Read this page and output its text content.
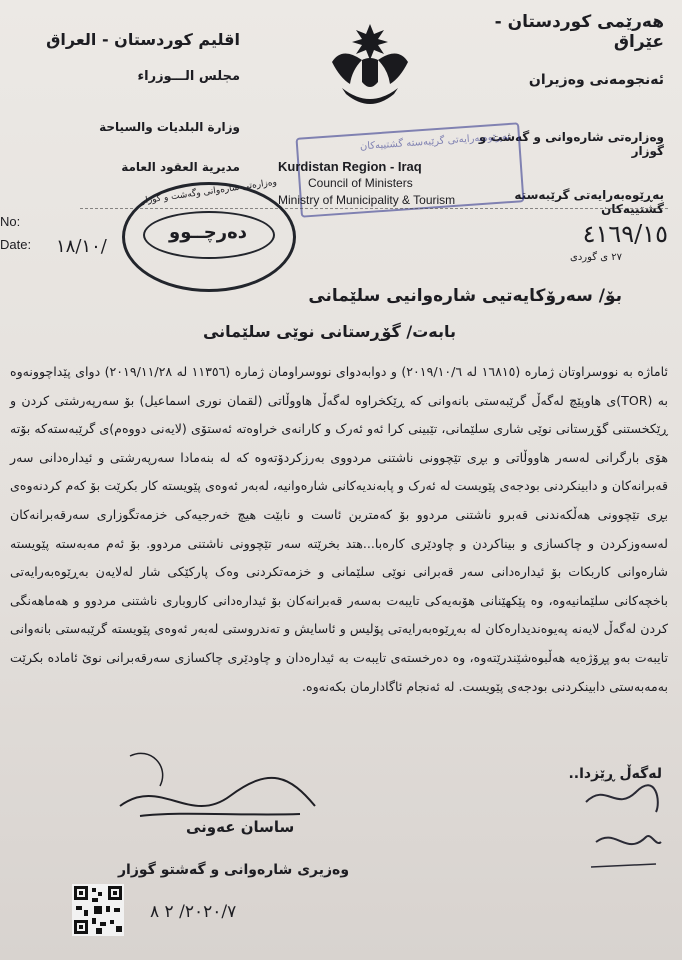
هەرێمی کوردستان - عێراق
ئەنجومەنی وەزیران
وەزارەتی شارەوانی و گەشت و گوزار
بەڕێوەبەرایەتی گرێبەستە گشتییەکان
اقليم كوردستان - العراق
مجلس الـــوزراء
وزارة البلديات والسياحة
مديرية العقود العامة
بەڕێوەبەرایەتی گرێبەستە گشتییەکان
Kurdistan Region - Iraq
Council of Ministers
Ministry of Municipality & Tourism
وەزارەتی شارەوانی وگەشت و گوزار
دەرچــوو
No:
Date: ١٨/١٠/	٤١٦٩/١٥
٢٧ ی گوردی
بۆ/ سەرۆکایەتیی شارەوانیی سلێمانی
بابەت/ گۆڕستانی نوێی سلێمانی
ئاماژە بە نووسراوتان ژمارە (١٦٨١٥ لە ٢٠١٩/١٠/٦) و دوابەدوای نووسراومان ژمارە (١١٣٥٦ لە ٢٠١٩/١١/٢٨) دوای پێداچوونەوە بە (TOR)ی هاوپێچ لەگەڵ گرێبەستی بانەوانی کە ڕێکخراوە لەگەڵ هاووڵاتی (لقمان نوری اسماعیل) بۆ سەرپەرشتی کردن و ڕێکخستنی گۆڕستانی نوێی شاری سلێمانی، تێبینی کرا ئەو ئەرک و کارانەی خراوەتە ئەستۆی (لایەنی دووەم)ی گرێبەستەکە بۆتە هۆی بارگرانی لەسەر هاووڵاتی و بڕی تێچوونی ناشتنی مردووی بەرزکردۆتەوە کە لە بنەمادا سەرپەرشتی و ئیدارەدانی سەر قەبرانەکان و دابینکردنی بودجەی پێویست لە ئەرک و پابەندیەکانی شارەوانیە، لەبەر ئەوەی پێویستە کار بکرێت بۆ کەم کردنەوەی بڕی تێچوونی هەڵکەندنی قەبرو ناشتنی مردوو بۆ کەمترین ئاست و نابێت هیچ خەرجیەکی خزمەتگوزاری سەرقەبرانەکان لەسەوزکردن و چاکسازی و بیناکردن و چاودێری کارەبا...هتد بخرێتە سەر تێچوونی ناشتنی مردوو. بۆ ئەم مەبەستە پێویستە شارەوانی کاربکات بۆ ئیدارەدانی سەر قەبرانی نوێی سلێمانی و خزمەتکردنی وەک پارکێکی شار لەلایەن بەڕێوەبەرایەتی باخچەکانی سلێمانیەوە، وە پێکهێنانی هۆبەیەکی تایبەت بەسەر قەبرانەکان بۆ ئیدارەدانی کاروباری ناشتنی مردوو و هەماهەنگی کردن لەگەڵ لایەنە پەیوەندیدارەکان لە بەڕێوەبەرایەتی پۆلیس و ئاسایش و تەندروستی لەبەر ئەوەی پێویستە گرێبەستی بانەوانی تایبەت بەو پڕۆژەیە هەڵبوەشێندرێتەوە، وە دەرخستەی تایبەت بە ئیدارەدان و چاودێری چاکسازی سەرقەبرانی نوێ ئامادە بکرێت بەمەبەستی دابینکردنی بودجەی پێویست. لە ئەنجام ئاگادارمان بکەنەوە.
لەگەڵ ڕێزدا..
ساسان عەونی
وەزیری شارەوانی و گەشتو گوزار
٢٠٢٠/٧/ ٢ ٨
